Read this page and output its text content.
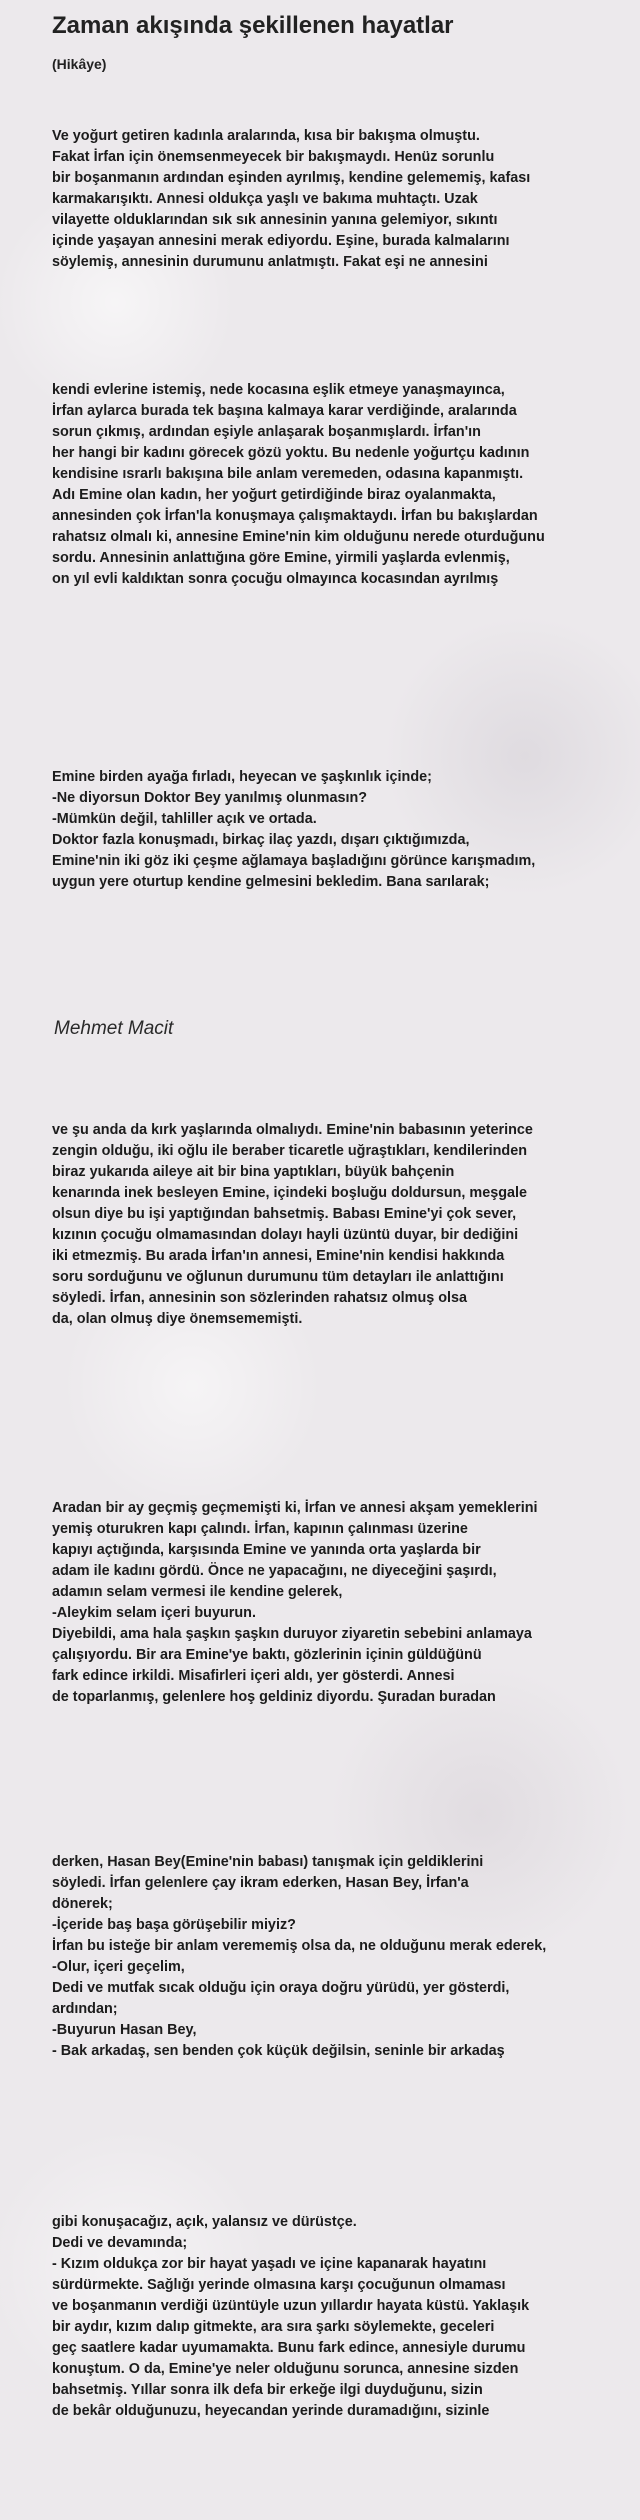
Zaman akışında şekillenen hayatlar
(Hikâye)
Ve yoğurt getiren kadınla aralarında, kısa bir bakışma olmuştu.
Fakat İrfan için önemsenmeyecek bir bakışmaydı. Henüz sorunlu
bir boşanmanın ardından eşinden ayrılmış, kendine gelememiş, kafası
karmakarışıktı. Annesi oldukça yaşlı ve bakıma muhtaçtı. Uzak
vilayette olduklarından sık sık annesinin yanına gelemiyor, sıkıntı
içinde yaşayan annesini merak ediyordu. Eşine, burada kalmalarını
söylemiş, annesinin durumunu anlatmıştı. Fakat eşi ne annesini
kendi evlerine istemiş, nede kocasına eşlik etmeye yanaşmayınca,
İrfan aylarca burada tek başına kalmaya karar verdiğinde, aralarında
sorun çıkmış, ardından eşiyle anlaşarak boşanmışlardı. İrfan'ın
her hangi bir kadını görecek gözü yoktu. Bu nedenle yoğurtçu kadının
kendisine ısrarlı bakışına bile anlam veremeden, odasına kapanmıştı.
Adı Emine olan kadın, her yoğurt getirdiğinde biraz oyalanmakta,
annesinden çok İrfan'la konuşmaya çalışmaktaydı. İrfan bu bakışlardan
rahatsız olmalı ki, annesine Emine'nin kim olduğunu nerede oturduğunu
sordu. Annesinin anlattığına göre Emine, yirmili yaşlarda evlenmiş,
on yıl evli kaldıktan sonra çocuğu olmayınca kocasından ayrılmış
Emine birden ayağa fırladı, heyecan ve şaşkınlık içinde;
-Ne diyorsun Doktor Bey yanılmış olunmasın?
-Mümkün değil, tahliller açık ve ortada.
Doktor fazla konuşmadı, birkaç ilaç yazdı, dışarı çıktığımızda,
Emine'nin iki göz iki çeşme ağlamaya başladığını görünce karışmadım,
uygun yere oturtup kendine gelmesini bekledim. Bana sarılarak;
Mehmet Macit
ve şu anda da kırk yaşlarında olmalıydı. Emine'nin babasının yeterince
zengin olduğu, iki oğlu ile beraber ticaretle uğraştıkları, kendilerinden
biraz yukarıda aileye ait bir bina yaptıkları, büyük bahçenin
kenarında inek besleyen Emine, içindeki boşluğu doldursun, meşgale
olsun diye bu işi yaptığından bahsetmiş. Babası Emine'yi çok sever,
kızının çocuğu olmamasından dolayı hayli üzüntü duyar, bir dediğini
iki etmezmiş. Bu arada İrfan'ın annesi, Emine'nin kendisi hakkında
soru sorduğunu ve oğlunun durumunu tüm detayları ile anlattığını
söyledi. İrfan, annesinin son sözlerinden rahatsız olmuş olsa
da, olan olmuş diye önemsememişti.
Aradan bir ay geçmiş geçmemişti ki, İrfan ve annesi akşam yemeklerini
yemiş oturukren kapı çalındı. İrfan, kapının çalınması üzerine
kapıyı açtığında, karşısında Emine ve yanında orta yaşlarda bir
adam ile kadını gördü. Önce ne yapacağını, ne diyeceğini şaşırdı,
adamın selam vermesi ile kendine gelerek,
-Aleykim selam içeri buyurun.
Diyebildi, ama hala şaşkın şaşkın duruyor ziyaretin sebebini anlamaya
çalışıyordu. Bir ara Emine'ye baktı, gözlerinin içinin güldüğünü
fark edince irkildi. Misafirleri içeri aldı, yer gösterdi. Annesi
de toparlanmış, gelenlere hoş geldiniz diyordu. Şuradan buradan
derken, Hasan Bey(Emine'nin babası) tanışmak için geldiklerini
söyledi. İrfan gelenlere çay ikram ederken, Hasan Bey, İrfan'a
dönerek;
-İçeride baş başa görüşebilir miyiz?
İrfan bu isteğe bir anlam verememiş olsa da, ne olduğunu merak ederek,
-Olur, içeri geçelim,
Dedi ve mutfak sıcak olduğu için oraya doğru yürüdü, yer gösterdi,
ardından;
-Buyurun Hasan Bey,
- Bak arkadaş, sen benden çok küçük değilsin, seninle bir arkadaş
gibi konuşacağız, açık, yalansız ve dürüstçe.
Dedi ve devamında;
- Kızım oldukça zor bir hayat yaşadı ve içine kapanarak hayatını
sürdürmekte. Sağlığı yerinde olmasına karşı çocuğunun olmaması
ve boşanmanın verdiği üzüntüyle uzun yıllardır hayata küstü. Yaklaşık
bir aydır, kızım dalıp gitmekte, ara sıra şarkı söylemekte, geceleri
geç saatlere kadar uyumamakta. Bunu fark edince, annesiyle durumu
konuştum. O da, Emine'ye neler olduğunu sorunca, annesine sizden
bahsetmiş. Yıllar sonra ilk defa bir erkeğe ilgi duyduğunu, sizin
de bekâr olduğunuzu, heyecandan yerinde duramadığını, sizinle
